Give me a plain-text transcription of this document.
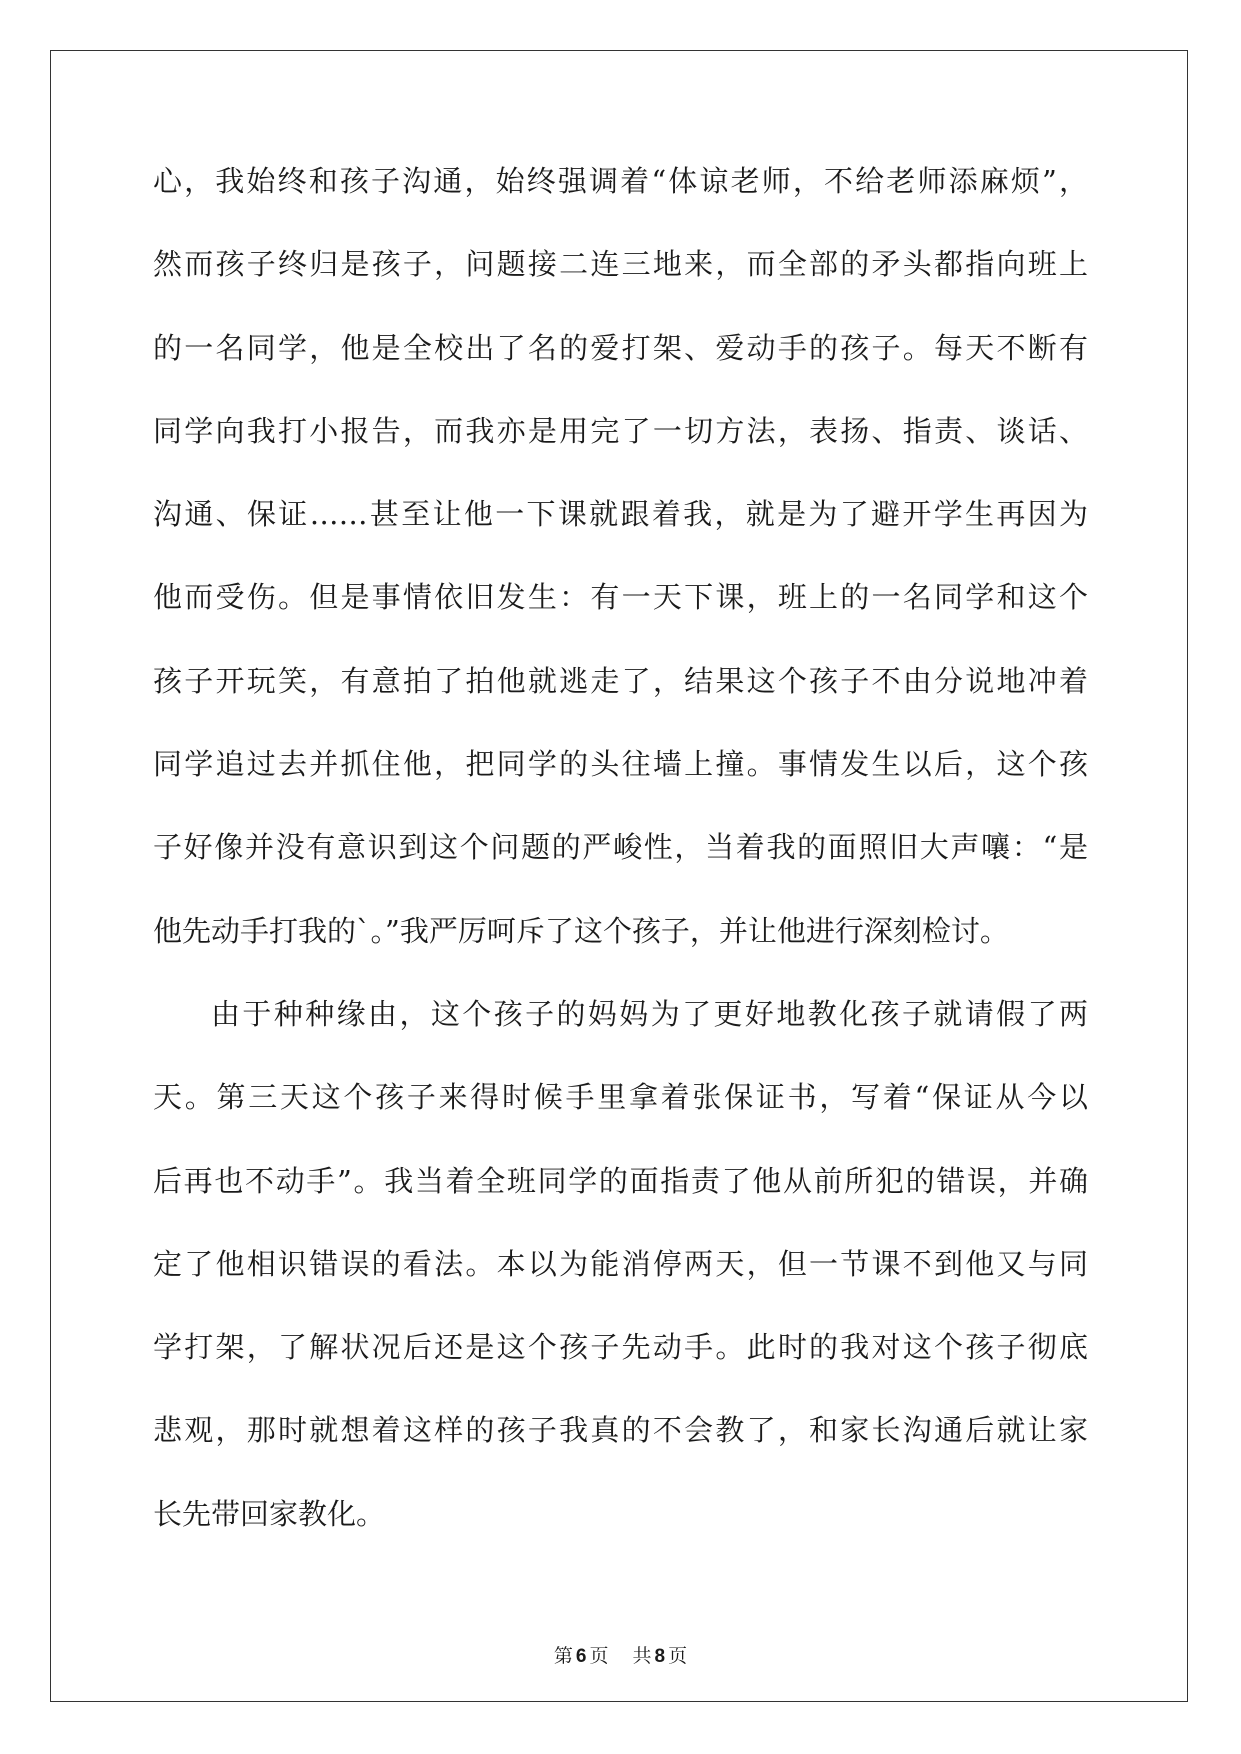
心，我始终和孩子沟通，始终强调着“体谅老师，不给老师添麻烦”，
然而孩子终归是孩子，问题接二连三地来，而全部的矛头都指向班上
的一名同学，他是全校出了名的爱打架、爱动手的孩子。每天不断有
同学向我打小报告，而我亦是用完了一切方法，表扬、指责、谈话、
沟通、保证……甚至让他一下课就跟着我，就是为了避开学生再因为
他而受伤。但是事情依旧发生：有一天下课，班上的一名同学和这个
孩子开玩笑，有意拍了拍他就逃走了，结果这个孩子不由分说地冲着
同学追过去并抓住他，把同学的头往墙上撞。事情发生以后，这个孩
子好像并没有意识到这个问题的严峻性，当着我的面照旧大声嚷：“是
他先动手打我的`。”我严厉呵斥了这个孩子，并让他进行深刻检讨。
由于种种缘由，这个孩子的妈妈为了更好地教化孩子就请假了两
天。第三天这个孩子来得时候手里拿着张保证书，写着“保证从今以
后再也不动手”。我当着全班同学的面指责了他从前所犯的错误，并确
定了他相识错误的看法。本以为能消停两天，但一节课不到他又与同
学打架，了解状况后还是这个孩子先动手。此时的我对这个孩子彻底
悲观，那时就想着这样的孩子我真的不会教了，和家长沟通后就让家
长先带回家教化。
第 6 页 共 8 页
